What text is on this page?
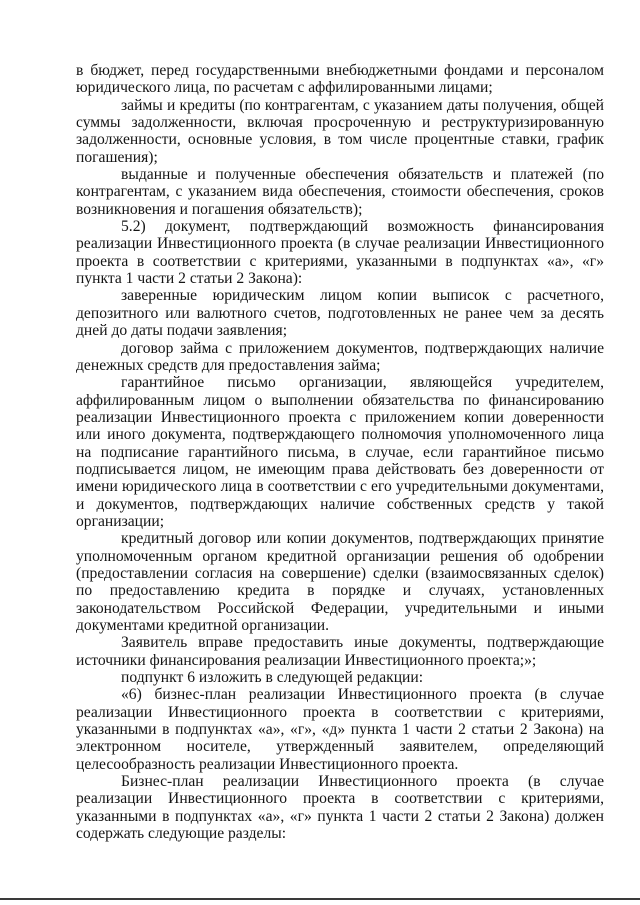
в бюджет, перед государственными внебюджетными фондами и персоналом юридического лица, по расчетам с аффилированными лицами;

займы и кредиты (по контрагентам, с указанием даты получения, общей суммы задолженности, включая просроченную и реструктуризированную задолженности, основные условия, в том числе процентные ставки, график погашения);

выданные и полученные обеспечения обязательств и платежей (по контрагентам, с указанием вида обеспечения, стоимости обеспечения, сроков возникновения и погашения обязательств);

5.2) документ, подтверждающий возможность финансирования реализации Инвестиционного проекта (в случае реализации Инвестиционного проекта в соответствии с критериями, указанными в подпунктах «а», «г» пункта 1 части 2 статьи 2 Закона):

заверенные юридическим лицом копии выписок с расчетного, депозитного или валютного счетов, подготовленных не ранее чем за десять дней до даты подачи заявления;

договор займа с приложением документов, подтверждающих наличие денежных средств для предоставления займа;

гарантийное письмо организации, являющейся учредителем, аффилированным лицом о выполнении обязательства по финансированию реализации Инвестиционного проекта с приложением копии доверенности или иного документа, подтверждающего полномочия уполномоченного лица на подписание гарантийного письма, в случае, если гарантийное письмо подписывается лицом, не имеющим права действовать без доверенности от имени юридического лица в соответствии с его учредительными документами, и документов, подтверждающих наличие собственных средств у такой организации;

кредитный договор или копии документов, подтверждающих принятие уполномоченным органом кредитной организации решения об одобрении (предоставлении согласия на совершение) сделки (взаимосвязанных сделок) по предоставлению кредита в порядке и случаях, установленных законодательством Российской Федерации, учредительными и иными документами кредитной организации.

Заявитель вправе предоставить иные документы, подтверждающие источники финансирования реализации Инвестиционного проекта;»;

подпункт 6 изложить в следующей редакции:

«6) бизнес-план реализации Инвестиционного проекта (в случае реализации Инвестиционного проекта в соответствии с критериями, указанными в подпунктах «а», «г», «д» пункта 1 части 2 статьи 2 Закона) на электронном носителе, утвержденный заявителем, определяющий целесообразность реализации Инвестиционного проекта.

Бизнес-план реализации Инвестиционного проекта (в случае реализации Инвестиционного проекта в соответствии с критериями, указанными в подпунктах «а», «г» пункта 1 части 2 статьи 2 Закона) должен содержать следующие разделы:
